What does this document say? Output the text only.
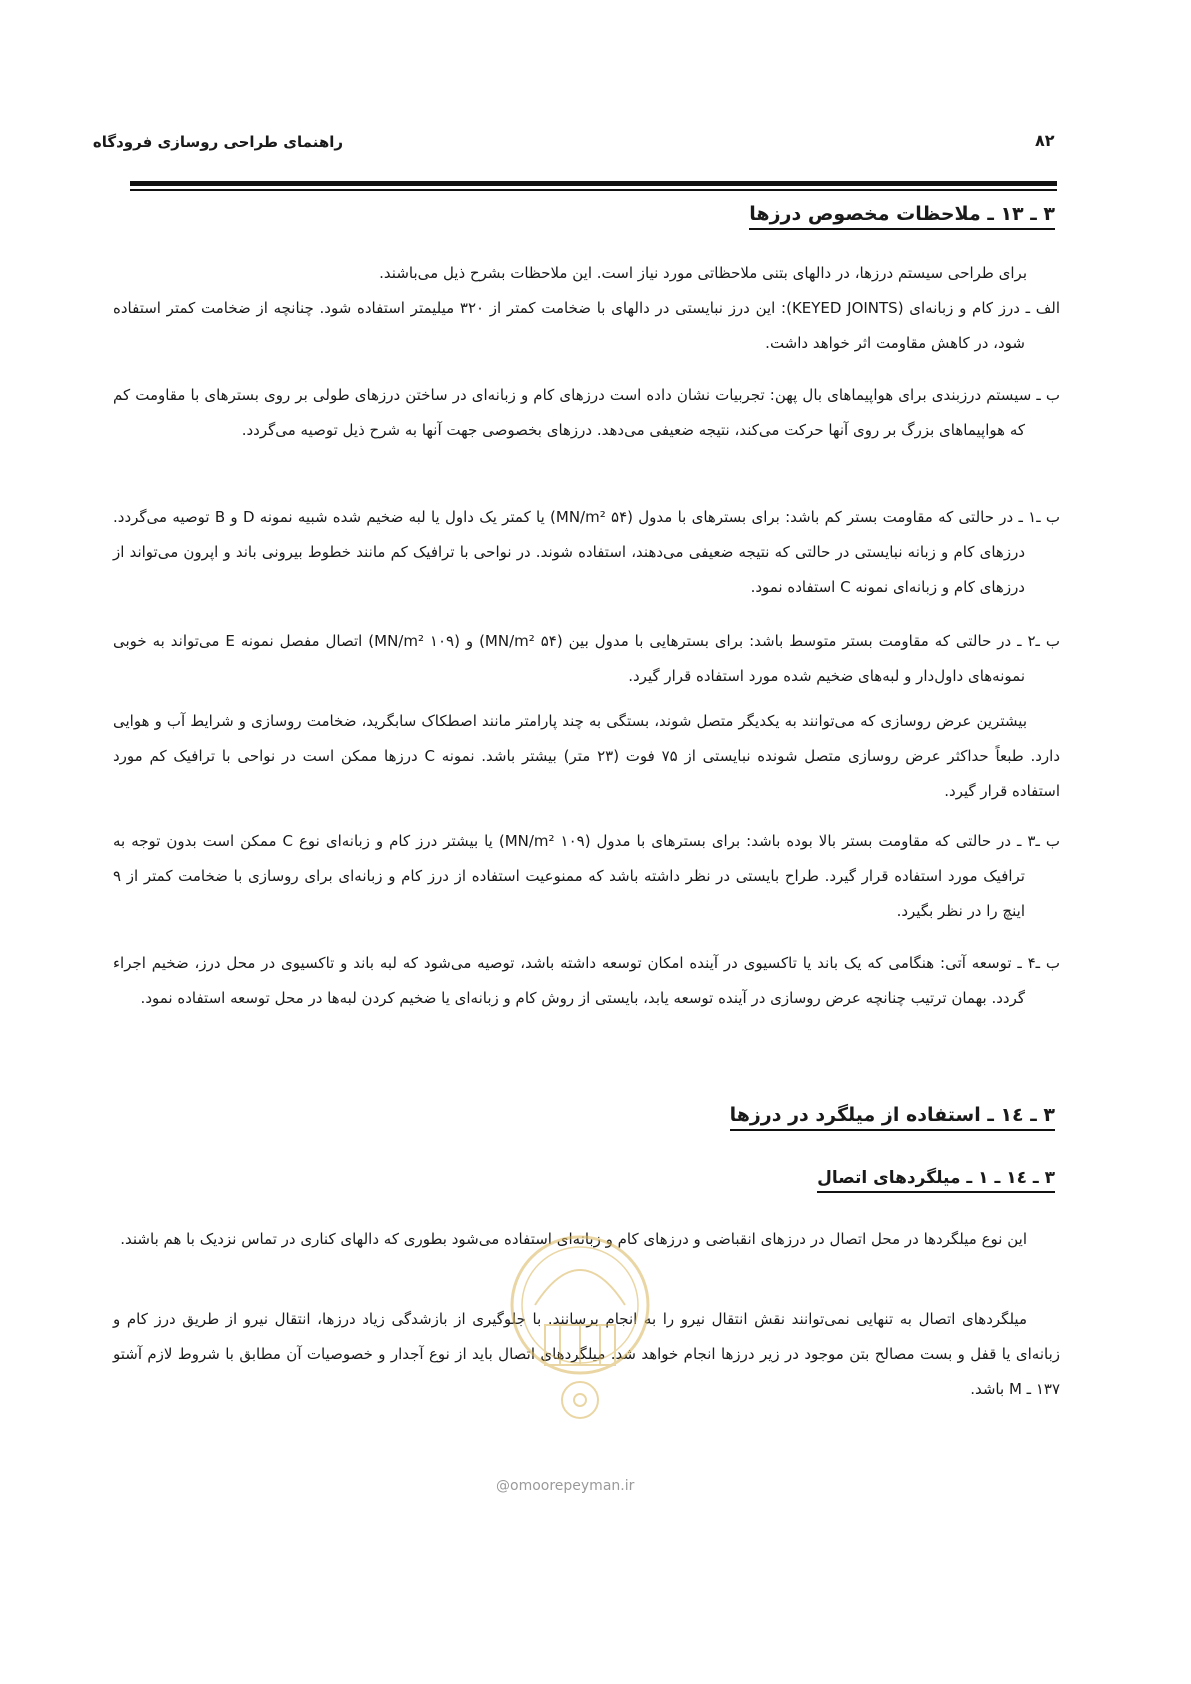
راهنمای طراحی روسازی فرودگاه	۸۲
۳ ـ ۱۳ ـ ملاحظات مخصوص درزها
برای طراحی سیستم درزها، در دالهای بتنی ملاحظاتی مورد نیاز است. این ملاحظات بشرح ذیل می‌باشند.
الف ـ درز کام و زبانه‌ای (KEYED JOINTS): این درز نبایستی در دالهای با ضخامت کمتر از ۳۲۰ میلیمتر استفاده شود. چنانچه از ضخامت کمتر استفاده شود، در کاهش مقاومت اثر خواهد داشت.
ب ـ سیستم درزبندی برای هواپیماهای بال پهن: تجربیات نشان داده است درزهای کام و زبانه‌ای در ساختن درزهای طولی بر روی بسترهای با مقاومت کم که هواپیماهای بزرگ بر روی آنها حرکت می‌کند، نتیجه ضعیفی می‌دهد. درزهای بخصوصی جهت آنها به شرح ذیل توصیه می‌گردد.
ب ـ۱ ـ در حالتی که مقاومت بستر کم باشد: برای بسترهای با مدول (۵۴ MN/m²) یا کمتر یک داول یا لبه ضخیم شده شبیه نمونه D و B توصیه می‌گردد. درزهای کام و زبانه نبایستی در حالتی که نتیجه ضعیفی می‌دهند، استفاده شوند. در نواحی با ترافیک کم مانند خطوط بیرونی باند و اپرون می‌تواند از درزهای کام و زبانه‌ای نمونه C استفاده نمود.
ب ـ۲ ـ در حالتی که مقاومت بستر متوسط باشد: برای بسترهایی با مدول بین (۵۴ MN/m²) و (۱۰۹ MN/m²) اتصال مفصل نمونه E می‌تواند به خوبی نمونه‌های داول‌دار و لبه‌های ضخیم شده مورد استفاده قرار گیرد.
بیشترین عرض روسازی که می‌توانند به یکدیگر متصل شوند، بستگی به چند پارامتر مانند اصطکاک سابگرید، ضخامت روسازی و شرایط آب و هوایی دارد. طبعاً حداکثر عرض روسازی متصل شونده نبایستی از ۷۵ فوت (۲۳ متر) بیشتر باشد. نمونه C درزها ممکن است در نواحی با ترافیک کم مورد استفاده قرار گیرد.
ب ـ۳ ـ در حالتی که مقاومت بستر بالا بوده باشد: برای بسترهای با مدول (۱۰۹ MN/m²) یا بیشتر درز کام و زبانه‌ای نوع C ممکن است بدون توجه به ترافیک مورد استفاده قرار گیرد. طراح بایستی در نظر داشته باشد که ممنوعیت استفاده از درز کام و زبانه‌ای برای روسازی با ضخامت کمتر از ۹ اینچ را در نظر بگیرد.
ب ـ۴ ـ توسعه آتی: هنگامی که یک باند یا تاکسیوی در آینده امکان توسعه داشته باشد، توصیه می‌شود که لبه باند و تاکسیوی در محل درز، ضخیم اجراء گردد. بهمان ترتیب چنانچه عرض روسازی در آینده توسعه یابد، بایستی از روش کام و زبانه‌ای یا ضخیم کردن لبه‌ها در محل توسعه استفاده نمود.
۳ ـ ۱٤ ـ استفاده از میلگرد در درزها
۳ ـ ۱٤ ـ ۱ ـ میلگردهای اتصال
این نوع میلگردها در محل اتصال در درزهای انقباضی و درزهای کام و زبانه‌ای استفاده می‌شود بطوری که دالهای کناری در تماس نزدیک با هم باشند.
میلگردهای اتصال به تنهایی نمی‌توانند نقش انتقال نیرو را به انجام برسانند. با جلوگیری از بازشدگی زیاد درزها، انتقال نیرو از طریق درز کام و زبانه‌ای یا قفل و بست مصالح بتن موجود در زیر درزها انجام خواهد شد. میلگردهای اتصال باید از نوع آجدار و خصوصیات آن مطابق با شروط لازم آشتو ۱۳۷ ـ M باشد.
@omoorepeyman.ir
